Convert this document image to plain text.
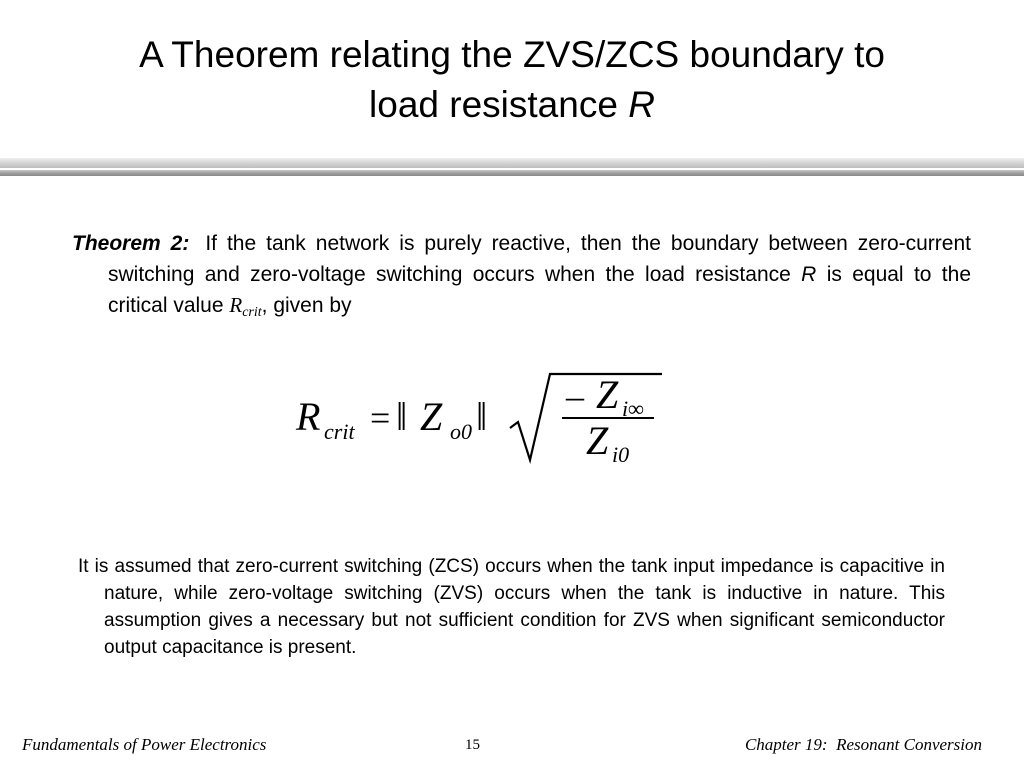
A Theorem relating the ZVS/ZCS boundary to
load resistance R
Theorem 2: If the tank network is purely reactive, then the boundary between zero-current switching and zero-voltage switching occurs when the load resistance R is equal to the critical value $R_{crit}$, given by
R crit = ‖ Z o0 ‖ – Z i∞
Z i0
It is assumed that zero-current switching (ZCS) occurs when the tank input impedance is capacitive in nature, while zero-voltage switching (ZVS) occurs when the tank is inductive in nature. This assumption gives a necessary but not sufficient condition for ZVS when significant semiconductor output capacitance is present.
Fundamentals of Power Electronics	15	Chapter 19:  Resonant Conversion
